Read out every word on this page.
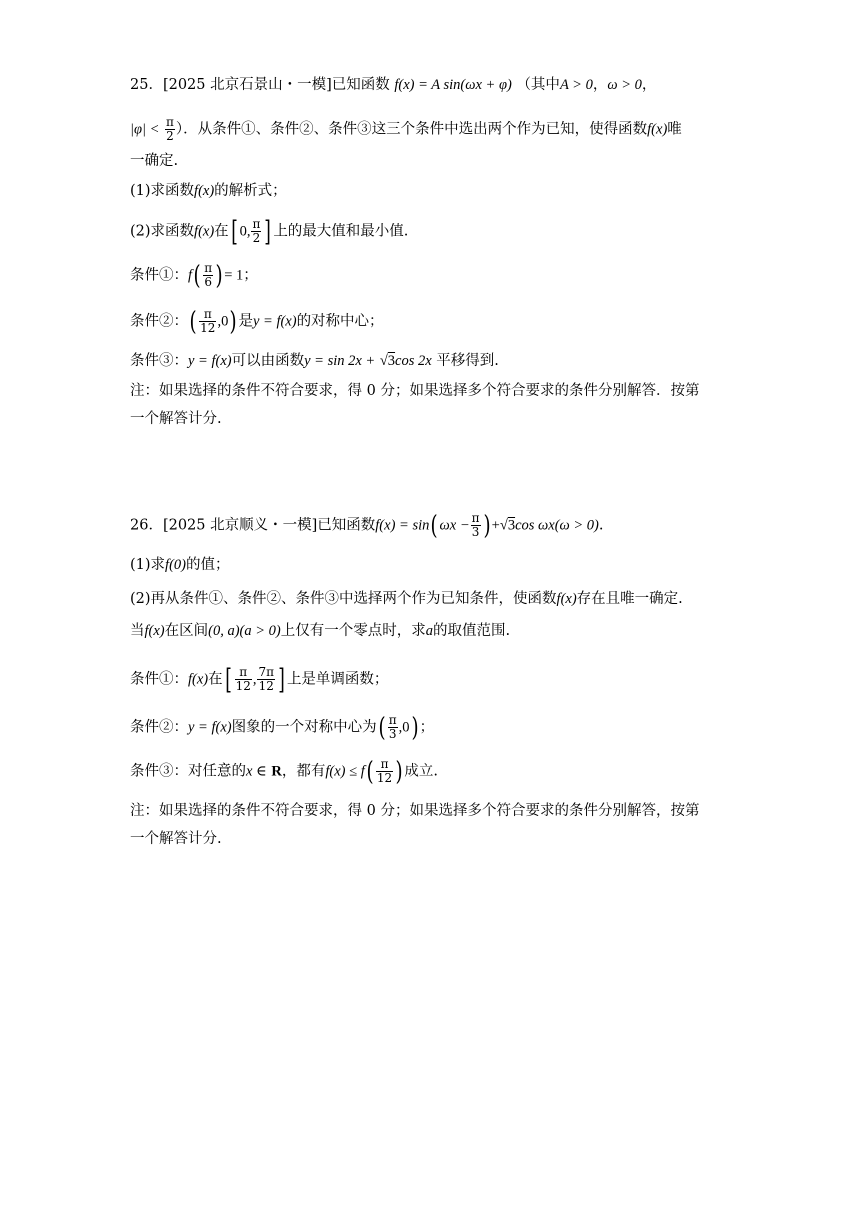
25．[2025 北京石景山・一模]已知函数 f(x) = A sin(ωx + φ) （其中A > 0，ω > 0，
$|\varphi| < \frac{\pi}{2}$ ）．从条件①、条件②、条件③这三个条件中选出两个作为已知，使得函数f(x)唯
一确定.
(1)求函数f(x)的解析式；
(2)求函数f(x)在[ 0, $\frac{\pi}{2}$ ] 上的最大值和最小值.
条件①：$f( \frac{\pi}{6}$ ) = 1；
条件②：( $\frac{\pi}{12} ,0$) 是y = f(x)的对称中心；
条件③：y = f(x)可以由函数y = sin 2x + √3cos 2x 平移得到.
注：如果选择的条件不符合要求，得 0 分；如果选择多个符合要求的条件分别解答．按第
一个解答计分.
26．[2025 北京顺义・一模]已知函数f(x) = sin( $\omega x - \frac{\pi}{3}$ ) +√3cos ωx(ω > 0).
(1)求f(0)的值；
(2)再从条件①、条件②、条件③中选择两个作为已知条件，使函数f(x)存在且唯一确定.
当f(x)在区间(0, a)(a > 0)上仅有一个零点时，求a的取值范围.
条件①：f(x)在[ $\frac{\pi}{12}$ , $\frac{7\pi}{12}$ ] 上是单调函数；
条件②：y = f(x)图象的一个对称中心为( $\frac{\pi}{3} ,0$) ；
条件③：对任意的x ∈ R，都有$f(x) \le f( \frac{\pi}{12}$ ) 成立.
注：如果选择的条件不符合要求，得 0 分；如果选择多个符合要求的条件分别解答，按第
一个解答计分.
